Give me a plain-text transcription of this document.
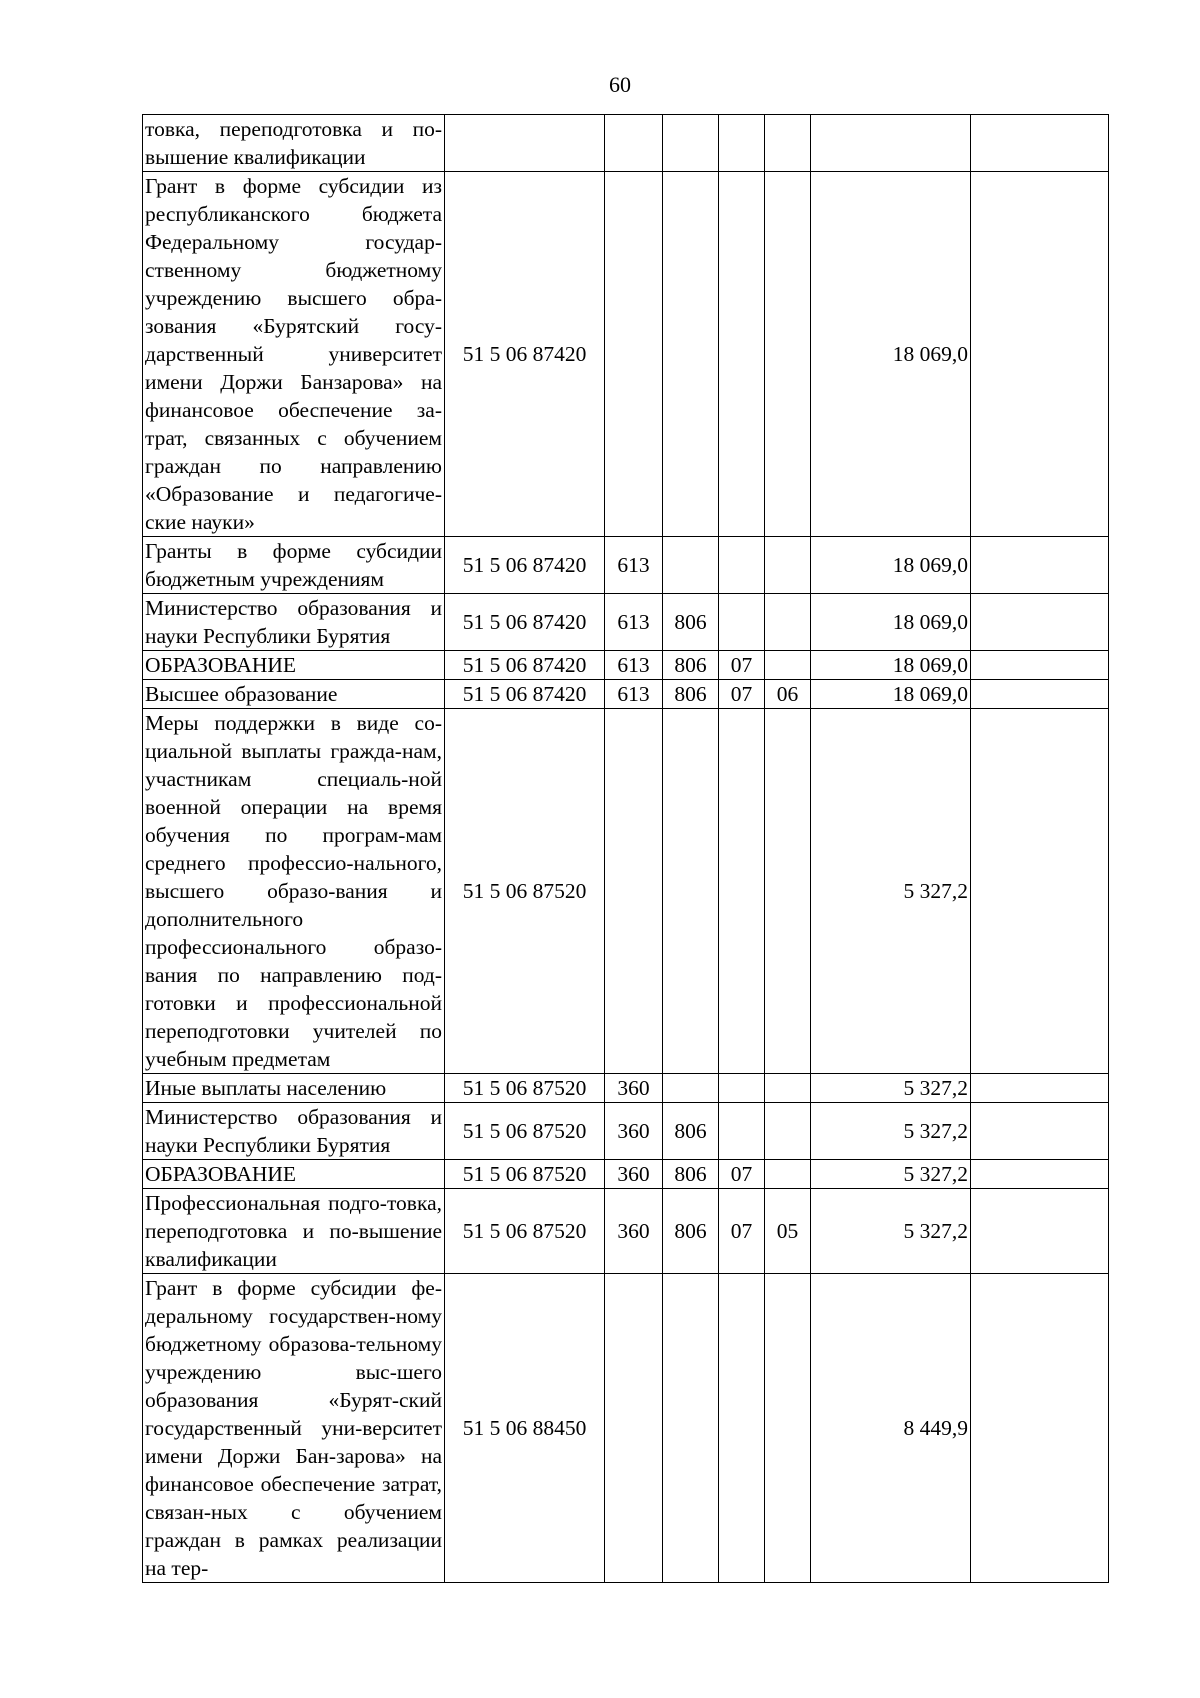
60
товка, переподготовка и по-вышение квалификации							
Грант в форме субсидии из республиканского бюджета Федеральному государ-ственному бюджетному учреждению высшего обра-зования «Бурятский госу-дарственный университет имени Доржи Банзарова» на финансовое обеспечение за-трат, связанных с обучением граждан по направлению «Образование и педагогиче-ские науки»	51 5 06 87420					18 069,0	
Гранты в форме субсидии бюджетным учреждениям	51 5 06 87420	613				18 069,0	
Министерство образования и науки Республики Бурятия	51 5 06 87420	613	806			18 069,0	
ОБРАЗОВАНИЕ	51 5 06 87420	613	806	07		18 069,0	
Высшее образование	51 5 06 87420	613	806	07	06	18 069,0	
Меры поддержки в виде со-циальной выплаты гражда-нам, участникам специаль-ной военной операции на время обучения по програм-мам среднего профессио-нального, высшего образо-вания и дополнительного профессионального образо-вания по направлению под-готовки и профессиональной переподготовки учителей по учебным предметам	51 5 06 87520					5 327,2	
Иные выплаты населению	51 5 06 87520	360				5 327,2	
Министерство образования и науки Республики Бурятия	51 5 06 87520	360	806			5 327,2	
ОБРАЗОВАНИЕ	51 5 06 87520	360	806	07		5 327,2	
Профессиональная подго-товка, переподготовка и по-вышение квалификации	51 5 06 87520	360	806	07	05	5 327,2	
Грант в форме субсидии фе-деральному государствен-ному бюджетному образова-тельному учреждению выс-шего образования «Бурят-ский государственный уни-верситет имени Доржи Бан-зарова» на финансовое обеспечение затрат, связан-ных с обучением граждан в рамках реализации на тер-	51 5 06 88450					8 449,9	
